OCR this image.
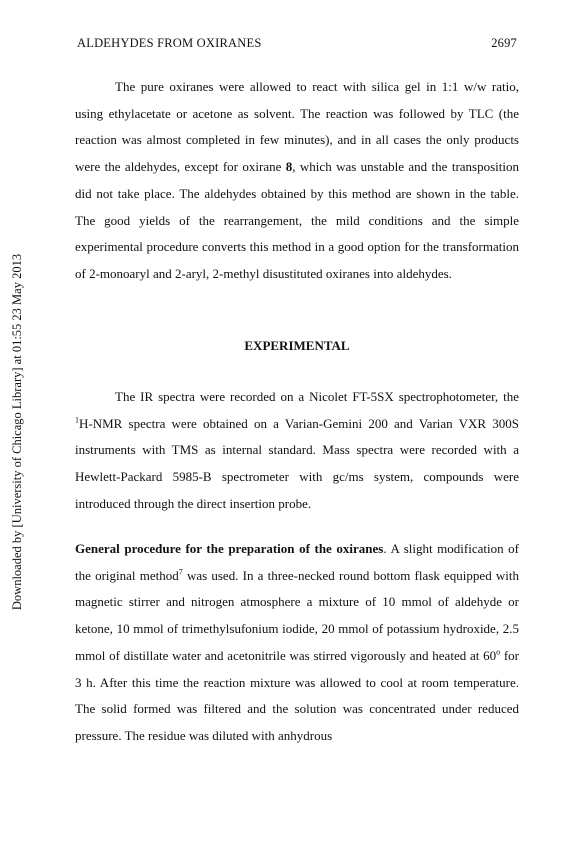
ALDEHYDES FROM OXIRANES	2697
Downloaded by [University of Chicago Library] at 01:55 23 May 2013

The pure oxiranes were allowed to react with silica gel in 1:1 w/w ratio, using ethylacetate or acetone as solvent. The reaction was followed by TLC (the reaction was almost completed in few minutes), and in all cases the only products were the aldehydes, except for oxirane 8, which was unstable and the transposition did not take place. The aldehydes obtained by this method are shown in the table. The good yields of the rearrangement, the mild conditions and the simple experimental procedure converts this method in a good option for the transformation of 2-monoaryl and 2-aryl, 2-methyl disustituted oxiranes into aldehydes.

EXPERIMENTAL

The IR spectra were recorded on a Nicolet FT-5SX spectrophotometer, the $^1$H-NMR spectra were obtained on a Varian-Gemini 200 and Varian VXR 300S instruments with TMS as internal standard. Mass spectra were recorded with a Hewlett-Packard 5985-B spectrometer with gc/ms system, compounds were introduced through the direct insertion probe.

General procedure for the preparation of the oxiranes. A slight modification of the original method$^7$ was used. In a three-necked round bottom flask equipped with magnetic stirrer and nitrogen atmosphere a mixture of 10 mmol of aldehyde or ketone, 10 mmol of trimethylsufonium iodide, 20 mmol of potassium hydroxide, 2.5 mmol of distillate water and acetonitrile was stirred vigorously and heated at 60$^o$ for 3 h. After this time the reaction mixture was allowed to cool at room temperature. The solid formed was filtered and the solution was concentrated under reduced pressure. The residue was diluted with anhydrous
